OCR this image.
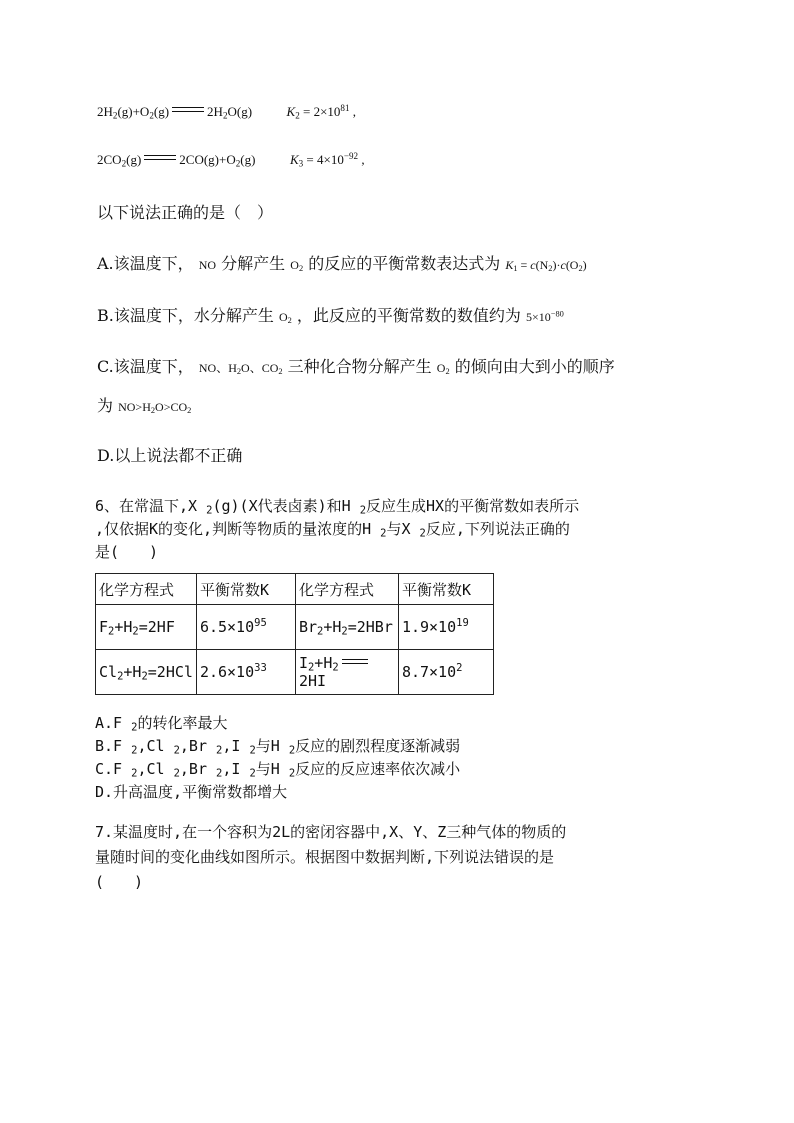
$2H_2(g)+O_2(g)$	$2H_2O(g)$	$K_2 = 2\times 10^{81}$ ,
$2CO_2(g)$	$2CO(g)+O_2(g)$	$K_3 = 4\times 10^{-92}$ ,
以下说法正确的是（　）
A.该温度下， NO 分解产生 $O_2$ 的反应的平衡常数表达式为 $K_1 = c(N_2)\cdot c(O_2)$
B.该温度下，水分解产生 $O_2$ ，此反应的平衡常数的数值约为 $5\times 10^{-80}$
C.该温度下， NO、$H_2O$、$CO_2$ 三种化合物分解产生 $O_2$ 的倾向由大到小的顺序
为 $NO>H_2O>CO_2$
D.以上说法都不正确
6、在常温下,X $_2$(g)(X代表卤素)和H $_2$反应生成HX的平衡常数如表所示
,仅依据K的变化,判断等物质的量浓度的H $_2$与X $_2$反应,下列说法正确的
是(　　)
化学方程式	平衡常数K	化学方程式	平衡常数K
$F_2+H_2=2HF$	$6.5\times 10^{95}$	$Br_2+H_2=2HBr$	$1.9\times 10^{19}$
$Cl_2+H_2=2HCl$	$2.6\times 10^{33}$	$I_2+H_22HI$	$8.7\times 10^2$
A.F $_2$的转化率最大
B.F $_2$,Cl $_2$,Br $_2$,I $_2$与H $_2$反应的剧烈程度逐渐减弱
C.F $_2$,Cl $_2$,Br $_2$,I $_2$与H $_2$反应的反应速率依次减小
D.升高温度,平衡常数都增大
7.某温度时,在一个容积为2L的密闭容器中,X、Y、Z三种气体的物质的
量随时间的变化曲线如图所示。根据图中数据判断,下列说法错误的是
(　　)
